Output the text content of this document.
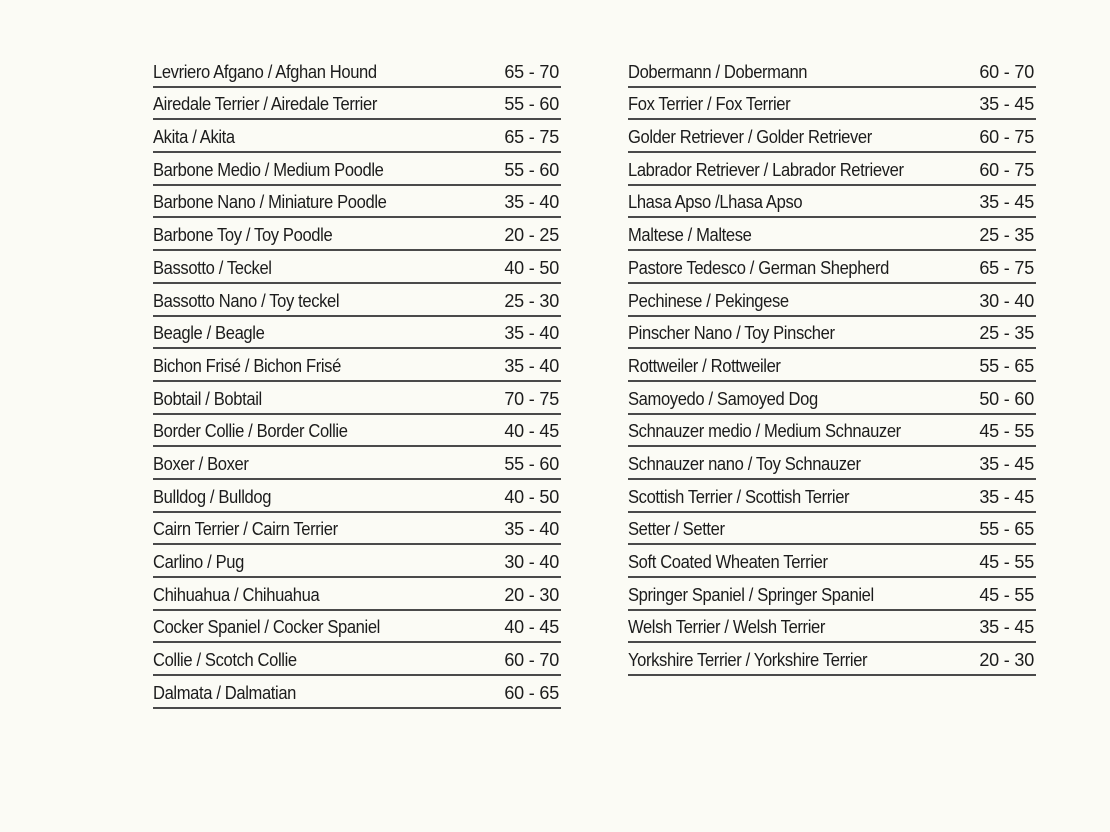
Levriero Afgano / Afghan Hound	65 - 70
Airedale Terrier / Airedale Terrier	55 - 60
Akita / Akita	65 - 75
Barbone Medio / Medium Poodle	55 - 60
Barbone Nano / Miniature Poodle	35 - 40
Barbone Toy / Toy Poodle	20 - 25
Bassotto / Teckel	40 - 50
Bassotto Nano / Toy teckel	25 - 30
Beagle / Beagle	35 - 40
Bichon Frisé / Bichon Frisé	35 - 40
Bobtail / Bobtail	70 - 75
Border Collie / Border Collie	40 - 45
Boxer / Boxer	55 - 60
Bulldog / Bulldog	40 - 50
Cairn Terrier / Cairn Terrier	35 - 40
Carlino / Pug	30 - 40
Chihuahua / Chihuahua	20 - 30
Cocker Spaniel / Cocker Spaniel	40 - 45
Collie / Scotch Collie	60 - 70
Dalmata / Dalmatian	60 - 65
Dobermann / Dobermann	60 - 70
Fox Terrier / Fox Terrier	35 - 45
Golder Retriever / Golder Retriever	60 - 75
Labrador Retriever / Labrador Retriever	60 - 75
Lhasa Apso /Lhasa Apso	35 - 45
Maltese / Maltese	25 - 35
Pastore Tedesco / German Shepherd	65 - 75
Pechinese / Pekingese	30 - 40
Pinscher Nano / Toy Pinscher	25 - 35
Rottweiler / Rottweiler	55 - 65
Samoyedo / Samoyed Dog	50 - 60
Schnauzer medio / Medium Schnauzer	45 - 55
Schnauzer nano / Toy Schnauzer	35 - 45
Scottish Terrier / Scottish Terrier	35 - 45
Setter / Setter	55 - 65
Soft Coated Wheaten Terrier	45 - 55
Springer Spaniel / Springer Spaniel	45 - 55
Welsh Terrier / Welsh Terrier	35 - 45
Yorkshire Terrier / Yorkshire Terrier	20 - 30
